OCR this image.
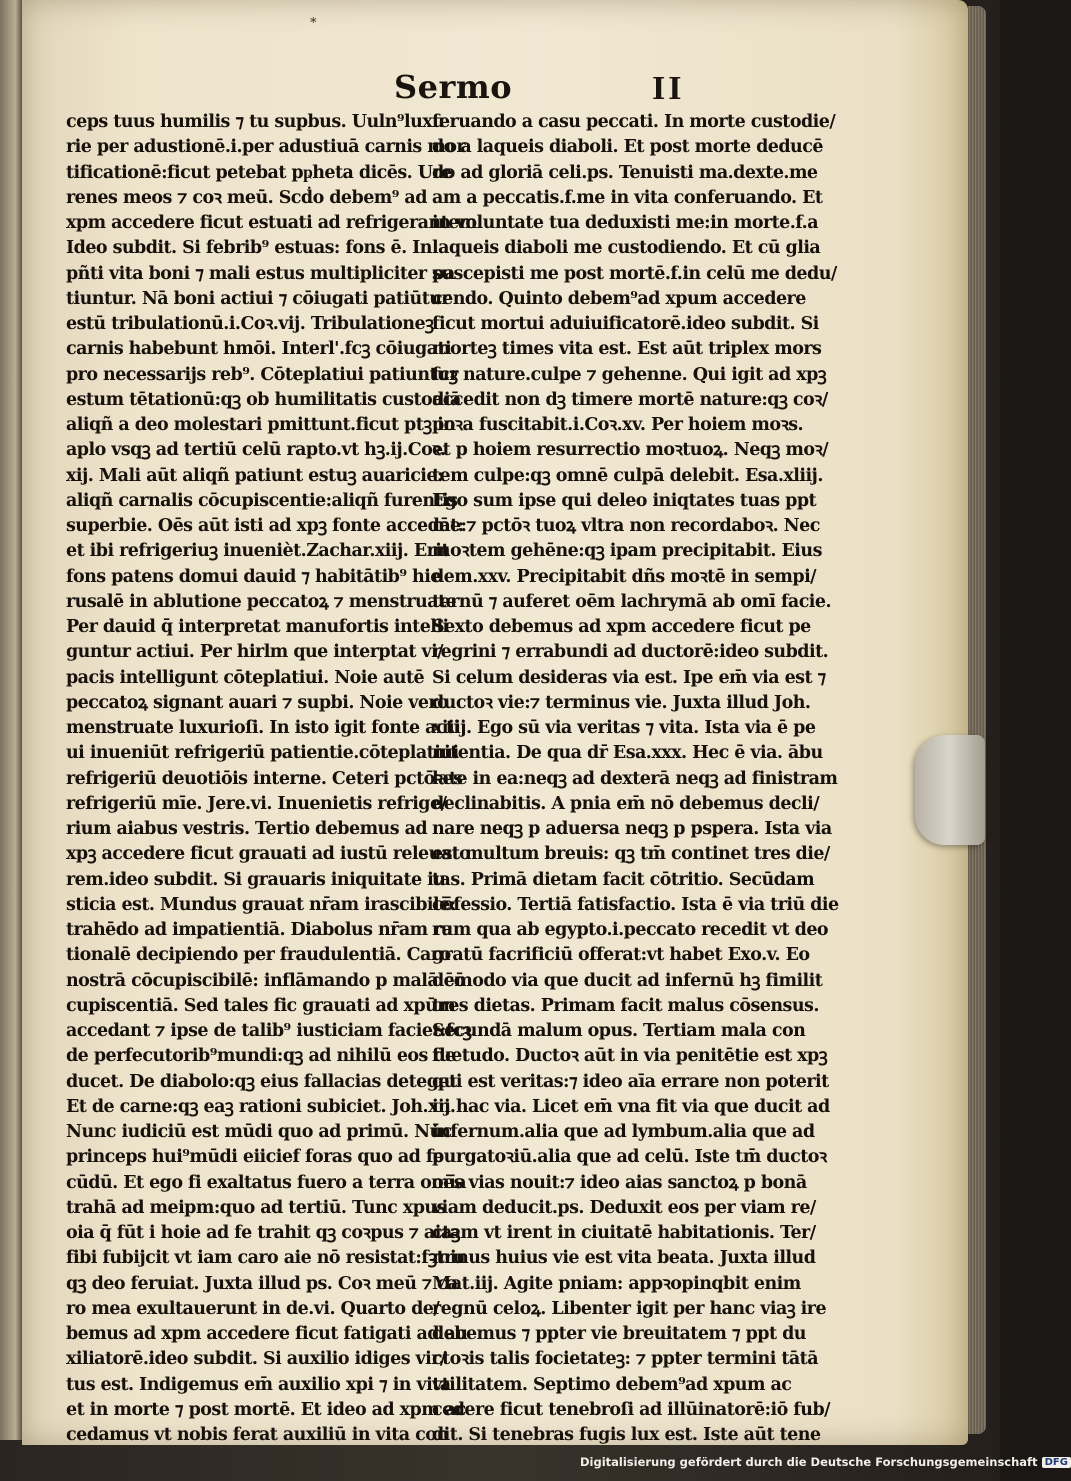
*
Sermo	II
ceps tuus humilis ⁊ tu supbus. Uuln⁹luxu
rie per adustionē.i.per adustiuā carnis mor
tificationē:ficut petebat pҏheta dicēs. Ure
renes meos ⁊ coꝛ meū. Scḋo debem⁹ ad
xpm accedere ficut estuati ad refrigerantem
Ideo subdit. Si febrib⁹ estuas: fons ē. In
pñti vita boni ⁊ mali estus multipliciter pa
tiuntur. Nā boni actiui ⁊ cōiugati patiūtur
estū tribulationū.i.Coꝛ.vij. Tribulationeꝫ
carnis habebunt hmōi. Interl'.fcꝫ cōiugati
pro necessarijs reb⁹. Cōteplatiui patiuntur
estum tētationū:qꝫ ob humilitatis custodiā
aliqñ a deo molestari pmittunt.ficut ptꝫ in
aplo vsqꝫ ad tertiū celū rapto.vt hꝫ.ij.Coꝛ.
xij. Mali aūt aliqñ patiunt estuꝫ auaricie:
aliqñ carnalis cōcupiscentie:aliqñ furentis
superbie. Oēs aūt isti ad xpꝫ fonte accedāt:
et ibi refrigeriuꝫ inuenièt.Zachar.xiij. Erit
fons patens domui dauid ⁊ habitātib⁹ hie
rusalē in ablutione peccatoꝝ ⁊ menstruate
Per dauid q̄ interpretat manufortis intelli
guntur actiui. Per hirlm que interptat vi/
pacis intelligunt cōteplatiui. Noie autē
peccatoꝝ signant auari ⁊ supbi. Noie vero
menstruate luxurioſi. In isto igit fonte acti
ui inueniūt refrigeriū patientie.cōteplatiui
refrigeriū deuotiōis interne. Ceteri pctōꝛes
refrigeriū mīe. Jere.vi. Inuenietis refrige/
rium aiabus vestris. Tertio debemus ad
xpꝫ accedere ficut grauati ad iustū releuato
rem.ideo subdit. Si grauaris iniquitate iu
sticia est. Mundus grauat nr̄am irascibilē:
trahēdo ad impatientiā. Diabolus nr̄am ra
tionalē decipiendo per fraudulentiā. Caro
nostrā cōcupiscibilē: inflāmando p malā cō
cupiscentiā. Sed tales fic grauati ad xpūm
accedant ⁊ ipse de talib⁹ iusticiam faciet:fcꝫ
de perfecutorib⁹mundi:qꝫ ad nihilū eos de
ducet. De diabolo:qꝫ eius fallacias deteget
Et de carne:qꝫ eaꝫ rationi subiciet. Joh.xij.
Nunc iudiciū est mūdi quo ad primū. Nūc
princeps hui⁹mūdi eiicief foras quo ad fe
cūdū. Et ego fi exaltatus fuero a terra omīa
trahā ad meipm:quo ad tertiū. Tunc xpus
oia q̄ fūt i hoie ad fe trahit qꝫ coꝛpus ⁊ aiaꝫ
fibi fubijcit vt iam caro aie nō resistat:fꝫtru
qꝫ deo feruiat. Juxta illud ps. Coꝛ meū ⁊ ca
ro mea exultauerunt in de.vi. Quarto de/
bemus ad xpm accedere ficut fatigati ad au
xiliatorē.ideo subdit. Si auxilio idiges vir/
tus est. Indigemus em̄ auxilio xpi ⁊ in vita
et in morte ⁊ post mortē. Et ideo ad xpm ac
cedamus vt nobis ferat auxiliū in vita con
feruando a casu peccati. In morte custodie/
do a laqueis diaboli. Et post morte deducē
do ad gloriā celi.ps. Tenuisti ma.dexte.me
am a peccatis.f.me in vita conferuando. Et
in voluntate tua deduxisti me:in morte.f.a
laqueis diaboli me custodiendo. Et cū glia
suscepisti me post mortē.f.in celū me dedu/
cendo. Quinto debem⁹ad xpum accedere
ficut mortui aduiuificatorē.ideo subdit. Si
morteꝫ times vita est. Est aūt triplex mors
fcꝫ nature.culpe ⁊ gehenne. Qui igit ad xpꝫ
accedit non dꝫ timere mortē nature:qꝫ coꝛ/
poꝛa fuscitabit.i.Coꝛ.xv. Per hoiem moꝛs.
et p hoiem resurrectio moꝛtuoꝝ. Neqꝫ moꝛ/
tem culpe:qꝫ omnē culpā delebit. Esa.xliij.
Ego sum ipse qui deleo iniqtates tuas ppt
me:⁊ pctōꝛ tuoꝝ vltra non recordaboꝛ. Nec
moꝛtem gehēne:qꝫ ipam precipitabit. Eius
dem.xxv. Precipitabit dñs moꝛtē in sempi/
ternū ⁊ auferet oēm lachrymā ab omī facie.
Sexto debemus ad xpm accedere ficut pe
regrini ⁊ errabundi ad ductorē:ideo subdit.
Si celum desideras via est. Ipe em̄ via est ⁊
ductoꝛ vie:⁊ terminus vie. Juxta illud Joh.
xiiij. Ego sū via veritas ⁊ vita. Ista via ē pe
nitentia. De qua dr̄ Esa.xxx. Hec ē via. ābu
late in ea:neqꝫ ad dexterā neqꝫ ad finistram
declinabitis. A pnia em̄ nō debemus decli/
nare neqꝫ p aduersa neqꝫ p pspera. Ista via
est multum breuis: qꝫ tm̄ continet tres die/
tas. Primā dietam facit cōtritio. Secūdam
cōfessio. Tertiā fatisfactio. Ista ē via triū die
rum qua ab egypto.i.peccato recedit vt deo
gratū facrificiū offerat:vt habet Exo.v. Eo
dēmodo via que ducit ad infernū hꝫ fimilit
tres dietas. Primam facit malus cōsensus.
Secundā malum opus. Tertiam mala con
fuetudo. Ductoꝛ aūt in via penitētie est xpꝫ
qui est veritas:⁊ ideo aīa errare non poterit
in hac via. Licet em̄ vna fit via que ducit ad
infernum.alia que ad lymbum.alia que ad
purgatoꝛiū.alia que ad celū. Iste tm̄ ductoꝛ
oēs vias nouit:⁊ ideo aias sanctoꝝ p bonā
viam deducit.ps. Deduxit eos per viam re/
ctam vt irent in ciuitatē habitationis. Ter/
minus huius vie est vita beata. Juxta illud
Mat.iij. Agite pniam: appꝛopinqbit enim
regnū celoꝝ. Libenter igit per hanc viaꝫ ire
debemus ⁊ ppter vie breuitatem ⁊ ppt du
ctoꝛis talis focietateꝫ: ⁊ ppter termini tātā
vtilitatem. Septimo debem⁹ad xpum ac
cedere ficut tenebroſi ad illūinatorē:iō fub/
dit. Si tenebras fugis lux est. Iste aūt tene
Digitalisierung gefördert durch die Deutsche Forschungsgemeinschaft DFG
